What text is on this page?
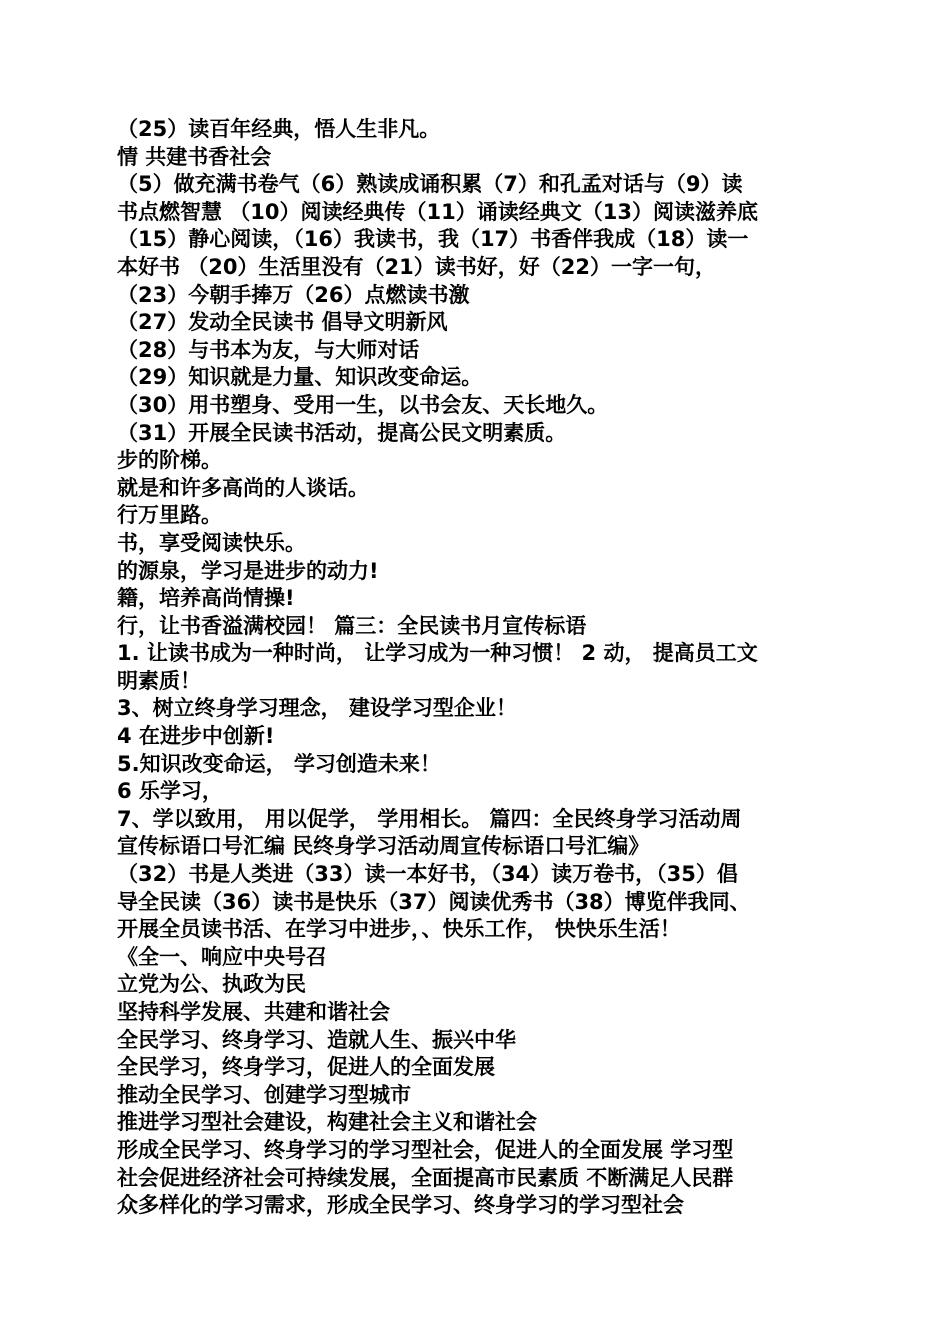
（25）读百年经典，悟人生非凡。
情 共建书香社会
（5）做充满书卷气（6）熟读成诵积累（7）和孔孟对话与（9）读
书点燃智慧 （10）阅读经典传（11）诵读经典文（13）阅读滋养底
（15）静心阅读，（16）我读书，我（17）书香伴我成（18）读一
本好书 （20）生活里没有（21）读书好，好（22）一字一句，
（23）今朝手捧万（26）点燃读书激
（27）发动全民读书 倡导文明新风
（28）与书本为友，与大师对话
（29）知识就是力量、知识改变命运。
（30）用书塑身、受用一生，以书会友、天长地久。
（31）开展全民读书活动，提高公民文明素质。
步的阶梯。
就是和许多高尚的人谈话。
行万里路。
书，享受阅读快乐。
的源泉，学习是进步的动力!
籍，培养高尚情操!
行，让书香溢满校园！ 篇三：全民读书月宣传标语
1. 让读书成为一种时尚， 让学习成为一种习惯！ 2 动， 提高员工文
明素质！
3、树立终身学习理念， 建设学习型企业！
4 在进步中创新!
5.知识改变命运， 学习创造未来！
6 乐学习，
7、学以致用， 用以促学， 学用相长。 篇四：全民终身学习活动周
宣传标语口号汇编 民终身学习活动周宣传标语口号汇编》
（32）书是人类进（33）读一本好书，（34）读万卷书，（35）倡
导全民读（36）读书是快乐（37）阅读优秀书（38）博览伴我同、
开展全员读书活、在学习中进步，、快乐工作， 快快乐生活！
《全一、响应中央号召
立党为公、执政为民
坚持科学发展、共建和谐社会
全民学习、终身学习、造就人生、振兴中华
全民学习，终身学习，促进人的全面发展
推动全民学习、创建学习型城市
推进学习型社会建设，构建社会主义和谐社会
形成全民学习、终身学习的学习型社会，促进人的全面发展 学习型
社会促进经济社会可持续发展，全面提高市民素质 不断满足人民群
众多样化的学习需求，形成全民学习、终身学习的学习型社会
